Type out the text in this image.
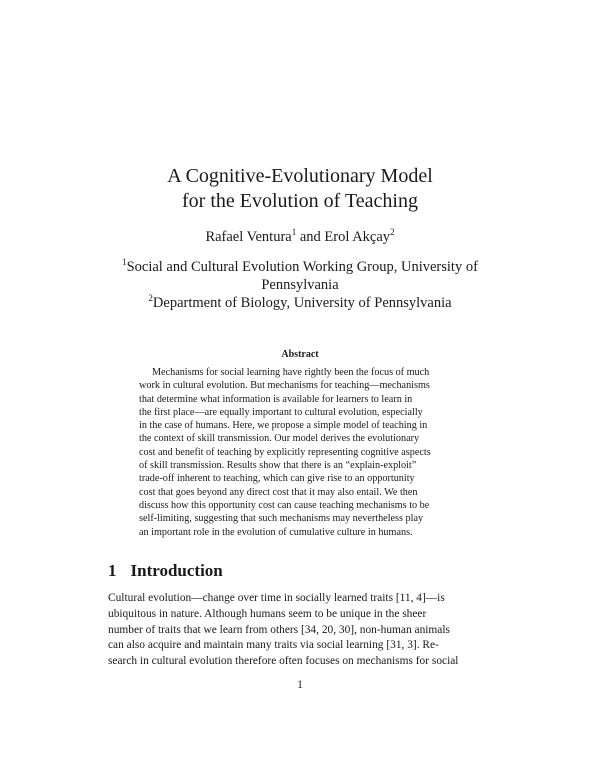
A Cognitive-Evolutionary Model
for the Evolution of Teaching
Rafael Ventura$^1$ and Erol Akçay$^2$

$^1$Social and Cultural Evolution Working Group, University of

Pennsylvania

$^2$Department of Biology, University of Pennsylvania

Abstract
Mechanisms for social learning have rightly been the focus of much
work in cultural evolution. But mechanisms for teaching—mechanisms
that determine what information is available for learners to learn in
the first place—are equally important to cultural evolution, especially
in the case of humans. Here, we propose a simple model of teaching in
the context of skill transmission. Our model derives the evolutionary
cost and benefit of teaching by explicitly representing cognitive aspects
of skill transmission. Results show that there is an “explain-exploit”
trade-off inherent to teaching, which can give rise to an opportunity
cost that goes beyond any direct cost that it may also entail. We then
discuss how this opportunity cost can cause teaching mechanisms to be
self-limiting, suggesting that such mechanisms may nevertheless play
an important role in the evolution of cumulative culture in humans.
1 Introduction
Cultural evolution—change over time in socially learned traits [11, 4]—is
ubiquitous in nature. Although humans seem to be unique in the sheer
number of traits that we learn from others [34, 20, 30], non-human animals
can also acquire and maintain many traits via social learning [31, 3]. Re-
search in cultural evolution therefore often focuses on mechanisms for social
1
